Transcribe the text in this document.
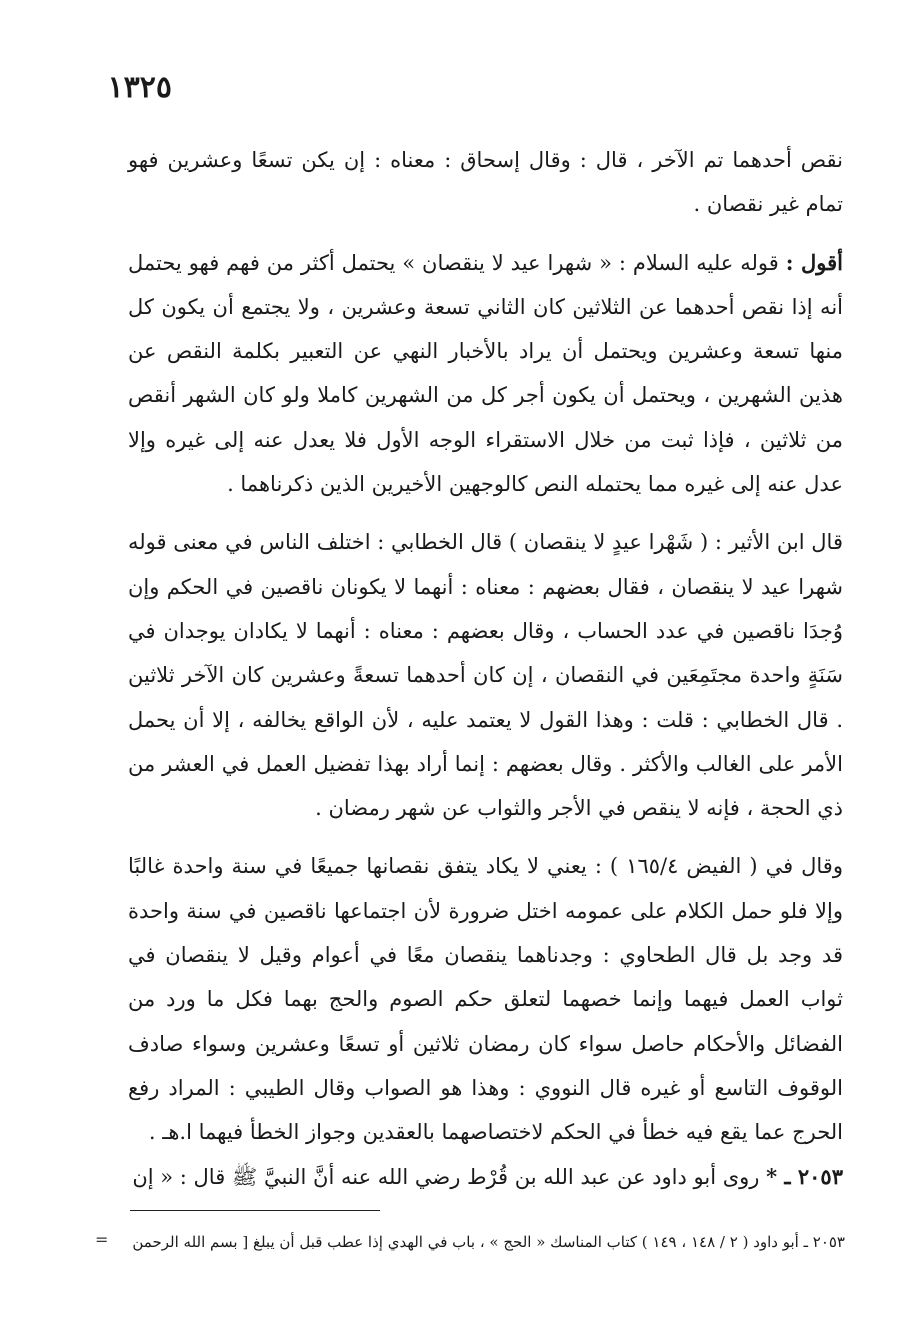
١٣٢٥

نقص أحدهما تم الآخر ، قال : وقال إسحاق : معناه : إن يكن تسعًا وعشرين فهو تمام غير نقصان .

أقول : قوله عليه السلام : « شهرا عيد لا ينقصان » يحتمل أكثر من فهم فهو يحتمل أنه إذا نقص أحدهما عن الثلاثين كان الثاني تسعة وعشرين ، ولا يجتمع أن يكون كل منها تسعة وعشرين ويحتمل أن يراد بالأخبار النهي عن التعبير بكلمة النقص عن هذين الشهرين ، ويحتمل أن يكون أجر كل من الشهرين كاملا ولو كان الشهر أنقص من ثلاثين ، فإذا ثبت من خلال الاستقراء الوجه الأول فلا يعدل عنه إلى غيره وإلا عدل عنه إلى غيره مما يحتمله النص كالوجهين الأخيرين الذين ذكرناهما .

قال ابن الأثير : ( شَهْرا عيدٍ لا ينقصان ) قال الخطابي : اختلف الناس في معنى قوله شهرا عيد لا ينقصان ، فقال بعضهم : معناه : أنهما لا يكونان ناقصين في الحكم وإن وُجدَا ناقصين في عدد الحساب ، وقال بعضهم : معناه : أنهما لا يكادان يوجدان في سَنَةٍ واحدة مجتَمِعَين في النقصان ، إن كان أحدهما تسعةً وعشرين كان الآخر ثلاثين . قال الخطابي : قلت : وهذا القول لا يعتمد عليه ، لأن الواقع يخالفه ، إلا أن يحمل الأمر على الغالب والأكثر . وقال بعضهم : إنما أراد بهذا تفضيل العمل في العشر من ذي الحجة ، فإنه لا ينقص في الأجر والثواب عن شهر رمضان .

وقال في ( الفيض ١٦٥/٤ ) : يعني لا يكاد يتفق نقصانها جميعًا في سنة واحدة غالبًا وإلا فلو حمل الكلام على عمومه اختل ضرورة لأن اجتماعها ناقصين في سنة واحدة قد وجد بل قال الطحاوي : وجدناهما ينقصان معًا في أعوام وقيل لا ينقصان في ثواب العمل فيهما وإنما خصهما لتعلق حكم الصوم والحج بهما فكل ما ورد من الفضائل والأحكام حاصل سواء كان رمضان ثلاثين أو تسعًا وعشرين وسواء صادف الوقوف التاسع أو غيره قال النووي : وهذا هو الصواب وقال الطيبي : المراد رفع الحرج عما يقع فيه خطأ في الحكم لاختصاصهما بالعقدين وجواز الخطأ فيهما ا.هـ .

٢٠٥٣ ـ * روى أبو داود عن عبد الله بن قُرْط رضي الله عنه أنَّ النبيَّ ﷺ قال : « إن

٢٠٥٣ ـ أبو داود ( ٢ / ١٤٨ ، ١٤٩ ) كتاب المناسك « الحج » ، باب في الهدي إذا عطب قبل أن يبلغ [ بسم الله الرحمن
=
